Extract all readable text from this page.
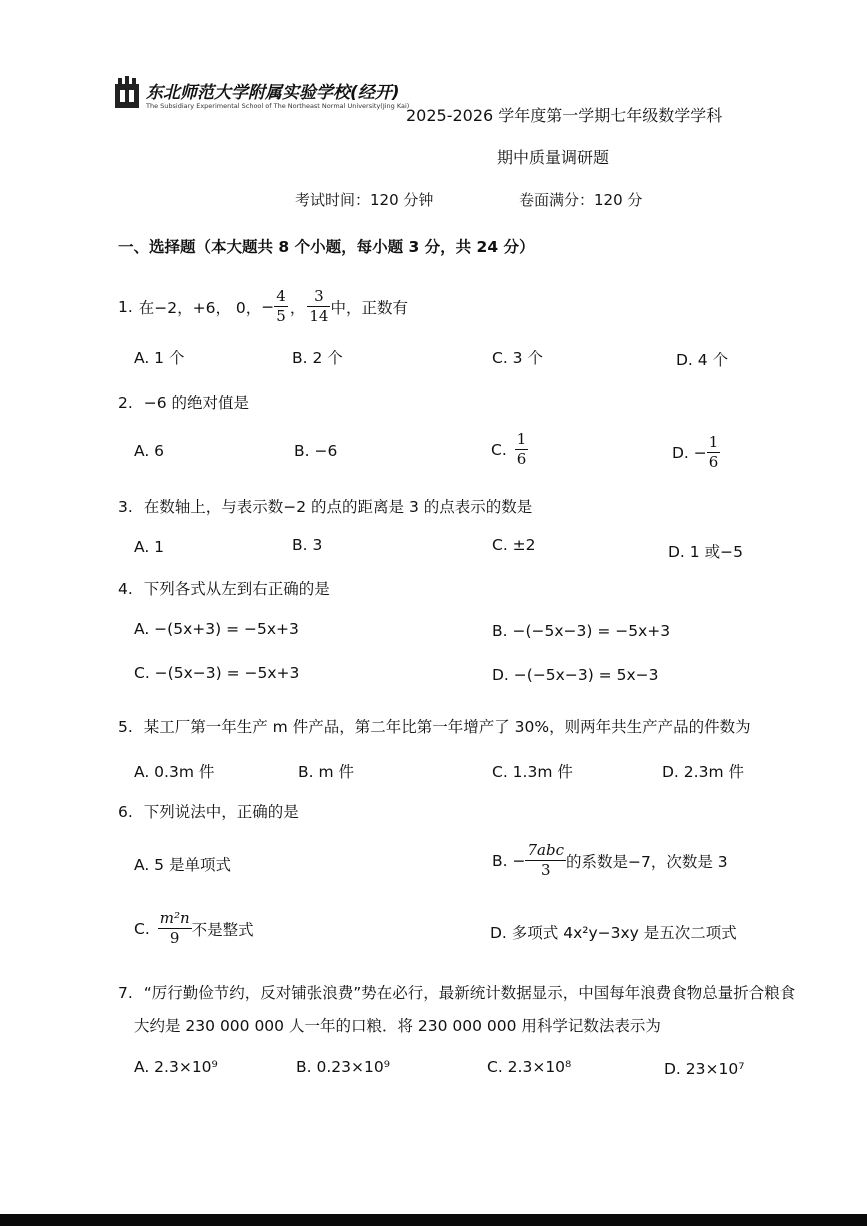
东北师范大学附属实验学校(经开)
The Subsidiary Experimental School of The Northeast Normal University(Jing Kai)
2025-2026 学年度第一学期七年级数学学科
期中质量调研题
考试时间：120 分钟	卷面满分：120 分
一、选择题（本大题共 8 个小题，每小题 3 分，共 24 分）
1. 在−2，+6， 0， − $\frac{4}{5}$ ， $\frac{3}{14}$ 中，正数有
A. 1 个	B. 2 个	C. 3 个	D. 4 个
2. −6 的绝对值是
A. 6	B. −6	C. $\frac{1}{6}$	D. − $\frac{1}{6}$
3. 在数轴上，与表示数−2 的点的距离是 3 的点表示的数是
A. 1	B. 3	C. ±2	D. 1 或−5
4. 下列各式从左到右正确的是
A. −(5x+3) = −5x+3	B. −(−5x−3) = −5x+3
C. −(5x−3) = −5x+3	D. −(−5x−3) = 5x−3
5. 某工厂第一年生产 m 件产品，第二年比第一年增产了 30%，则两年共生产产品的件数为
A. 0.3m 件	B. m 件	C. 1.3m 件	D. 2.3m 件
6. 下列说法中，正确的是
A. 5 是单项式	B. − $\frac{\text{7abc}}{3}$ 的系数是−7，次数是 3
C. $\frac{\text{m²n}}{9}$ 不是整式	D. 多项式 4x²y−3xy 是五次二项式
7. “厉行勤俭节约，反对铺张浪费”势在必行，最新统计数据显示，中国每年浪费食物总量折合粮食
大约是 230 000 000 人一年的口粮．将 230 000 000 用科学记数法表示为
A. 2.3×10⁹	B. 0.23×10⁹	C. 2.3×10⁸	D. 23×10⁷
